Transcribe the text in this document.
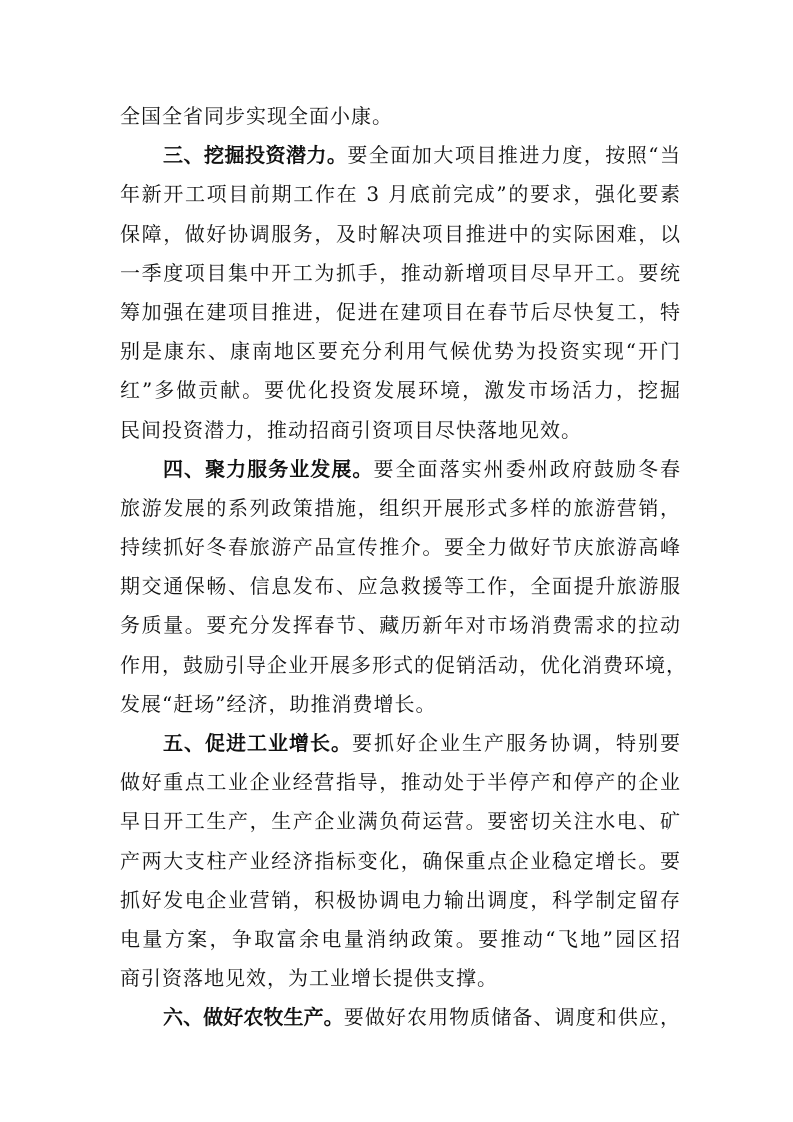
全国全省同步实现全面小康。
三、挖掘投资潜力。要全面加大项目推进力度，按照“当
年新开工项目前期工作在 3 月底前完成”的要求，强化要素
保障，做好协调服务，及时解决项目推进中的实际困难，以
一季度项目集中开工为抓手，推动新增项目尽早开工。要统
筹加强在建项目推进，促进在建项目在春节后尽快复工，特
别是康东、康南地区要充分利用气候优势为投资实现“开门
红”多做贡献。要优化投资发展环境，激发市场活力，挖掘
民间投资潜力，推动招商引资项目尽快落地见效。
四、聚力服务业发展。要全面落实州委州政府鼓励冬春
旅游发展的系列政策措施，组织开展形式多样的旅游营销，
持续抓好冬春旅游产品宣传推介。要全力做好节庆旅游高峰
期交通保畅、信息发布、应急救援等工作，全面提升旅游服
务质量。要充分发挥春节、藏历新年对市场消费需求的拉动
作用，鼓励引导企业开展多形式的促销活动，优化消费环境，
发展“赶场”经济，助推消费增长。
五、促进工业增长。要抓好企业生产服务协调，特别要
做好重点工业企业经营指导，推动处于半停产和停产的企业
早日开工生产，生产企业满负荷运营。要密切关注水电、矿
产两大支柱产业经济指标变化，确保重点企业稳定增长。要
抓好发电企业营销，积极协调电力输出调度，科学制定留存
电量方案，争取富余电量消纳政策。要推动“飞地”园区招
商引资落地见效，为工业增长提供支撑。
六、做好农牧生产。要做好农用物质储备、调度和供应，
